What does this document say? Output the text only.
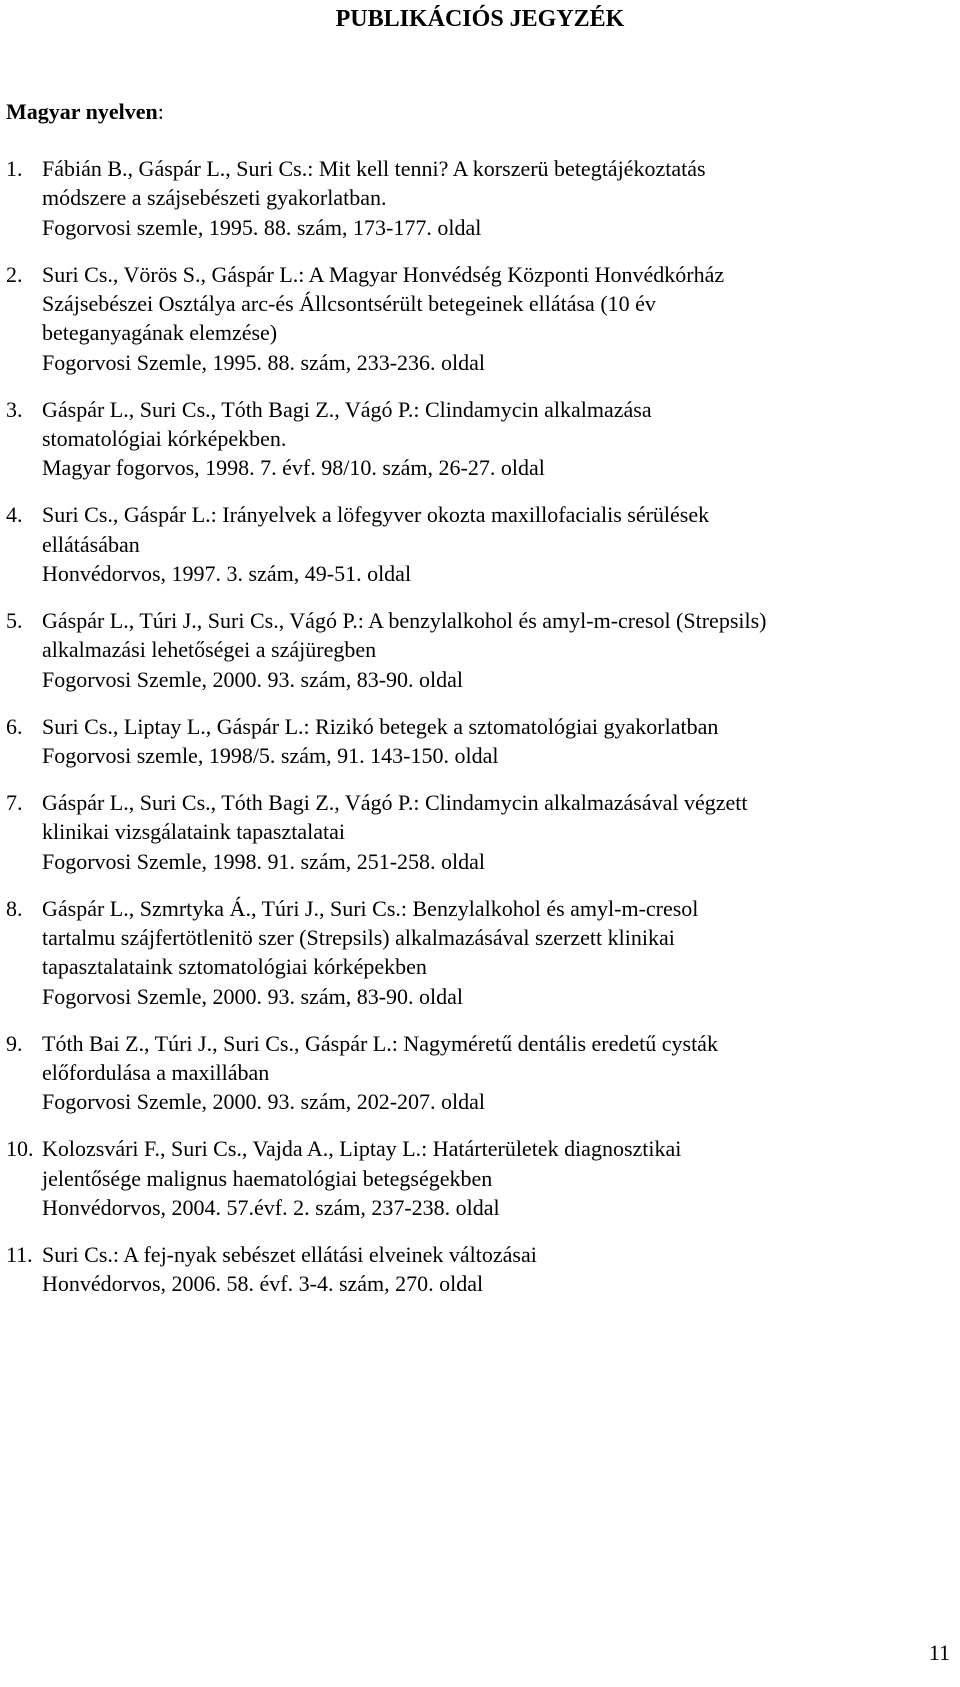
PUBLIKÁCIÓS JEGYZÉK
Magyar nyelven:
1. Fábián B., Gáspár L., Suri Cs.: Mit kell tenni? A korszerü betegtájékoztatás
módszere a szájsebészeti gyakorlatban.
Fogorvosi szemle, 1995. 88. szám, 173-177. oldal
2. Suri Cs., Vörös S., Gáspár L.: A Magyar Honvédség Központi Honvédkórház
Szájsebészei Osztálya arc-és Állcsontsérült betegeinek ellátása (10 év
beteganyagának elemzése)
Fogorvosi Szemle, 1995. 88. szám, 233-236. oldal
3. Gáspár L., Suri Cs., Tóth Bagi Z., Vágó P.: Clindamycin alkalmazása
stomatológiai kórképekben.
Magyar fogorvos, 1998. 7. évf. 98/10. szám, 26-27. oldal
4. Suri Cs., Gáspár L.: Irányelvek a löfegyver okozta maxillofacialis sérülések
ellátásában
Honvédorvos, 1997. 3. szám, 49-51. oldal
5. Gáspár L., Túri J., Suri Cs., Vágó P.: A benzylalkohol és amyl-m-cresol (Strepsils)
alkalmazási lehetőségei a szájüregben
Fogorvosi Szemle, 2000. 93. szám, 83-90. oldal
6. Suri Cs., Liptay L., Gáspár L.: Rizikó betegek a sztomatológiai gyakorlatban
Fogorvosi szemle, 1998/5. szám, 91. 143-150. oldal
7. Gáspár L., Suri Cs., Tóth Bagi Z., Vágó P.: Clindamycin alkalmazásával végzett
klinikai vizsgálataink tapasztalatai
Fogorvosi Szemle, 1998. 91. szám, 251-258. oldal
8. Gáspár L., Szmrtyka Á., Túri J., Suri Cs.: Benzylalkohol és amyl-m-cresol
tartalmu szájfertötlenitö szer (Strepsils) alkalmazásával szerzett klinikai
tapasztalataink sztomatológiai kórképekben
Fogorvosi Szemle, 2000. 93. szám, 83-90. oldal
9. Tóth Bai Z., Túri J., Suri Cs., Gáspár L.: Nagyméretű dentális eredetű cysták
előfordulása a maxillában
Fogorvosi Szemle, 2000. 93. szám, 202-207. oldal
10. Kolozsvári F., Suri Cs., Vajda A., Liptay L.: Határterületek diagnosztikai
jelentősége malignus haematológiai betegségekben
Honvédorvos, 2004. 57.évf. 2. szám, 237-238. oldal
11. Suri Cs.: A fej-nyak sebészet ellátási elveinek változásai
Honvédorvos, 2006. 58. évf. 3-4. szám, 270. oldal
11
